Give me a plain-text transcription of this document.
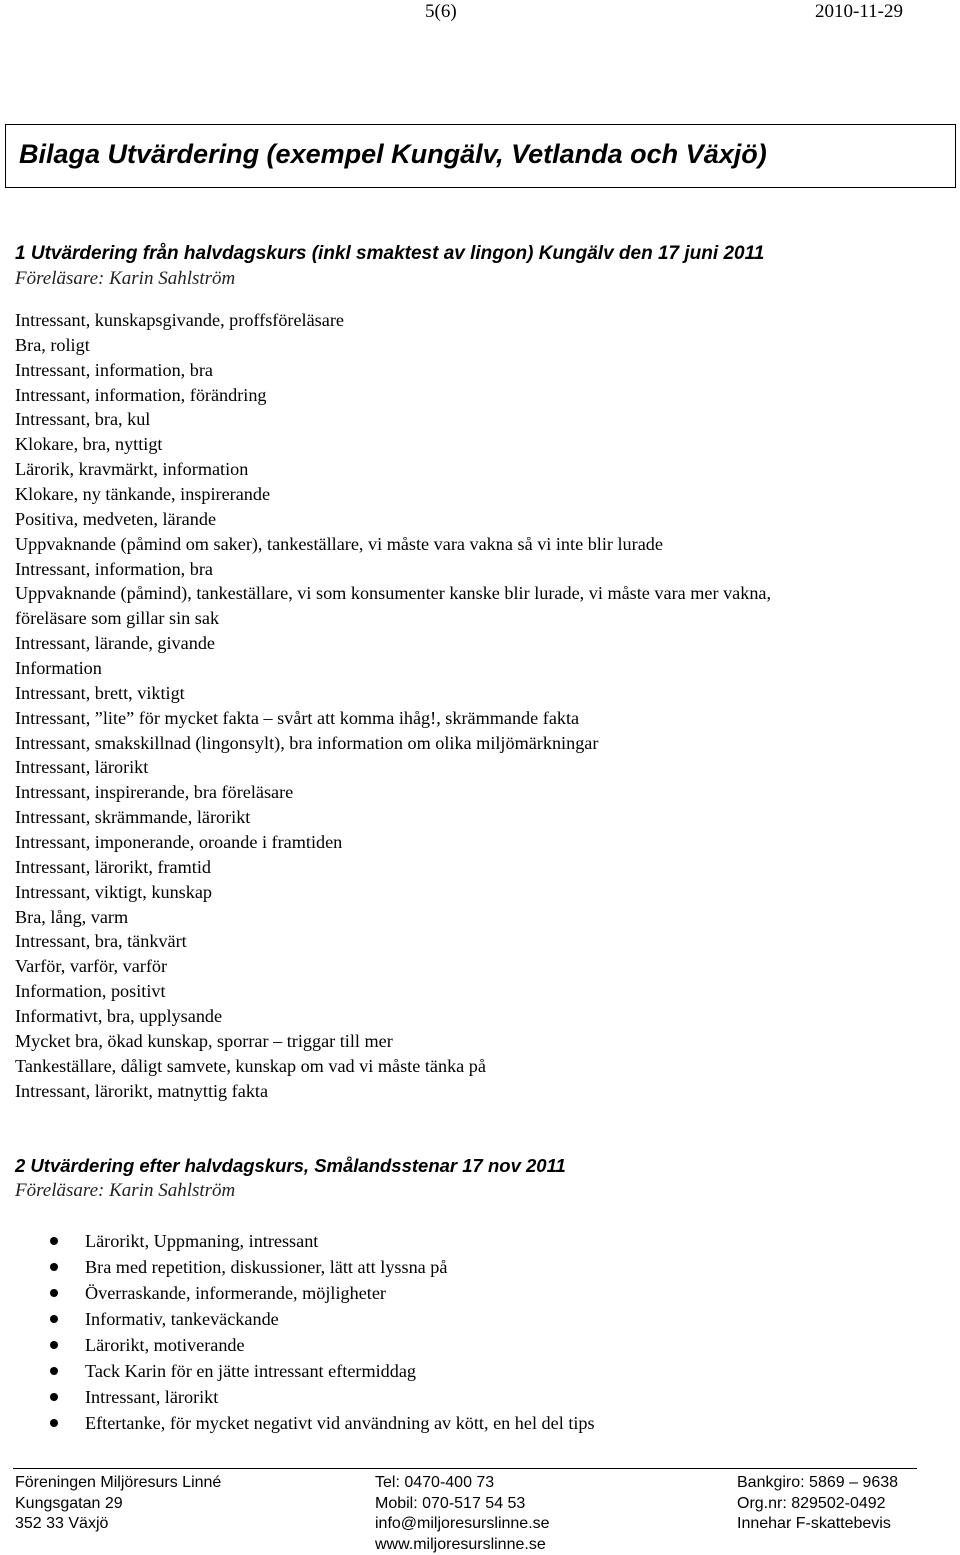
5(6)	2010-11-29
Bilaga Utvärdering (exempel Kungälv, Vetlanda och Växjö)
1 Utvärdering från halvdagskurs (inkl smaktest av lingon) Kungälv den 17 juni 2011

Föreläsare: Karin Sahlström

Intressant, kunskapsgivande, proffsföreläsare
Bra, roligt
Intressant, information, bra
Intressant, information, förändring
Intressant, bra, kul
Klokare, bra, nyttigt
Lärorik, kravmärkt, information
Klokare, ny tänkande, inspirerande
Positiva, medveten, lärande
Uppvaknande (påmind om saker), tankeställare, vi måste vara vakna så vi inte blir lurade
Intressant, information, bra
Uppvaknande (påmind), tankeställare, vi som konsumenter kanske blir lurade, vi måste vara mer vakna,
föreläsare som gillar sin sak
Intressant, lärande, givande
Information
Intressant, brett, viktigt
Intressant, ”lite” för mycket fakta – svårt att komma ihåg!, skrämmande fakta
Intressant, smakskillnad (lingonsylt), bra information om olika miljömärkningar
Intressant, lärorikt
Intressant, inspirerande, bra föreläsare
Intressant, skrämmande, lärorikt
Intressant, imponerande, oroande i framtiden
Intressant, lärorikt, framtid
Intressant, viktigt, kunskap
Bra, lång, varm
Intressant, bra, tänkvärt
Varför, varför, varför
Information, positivt
Informativt, bra, upplysande
Mycket bra, ökad kunskap, sporrar – triggar till mer
Tankeställare, dåligt samvete, kunskap om vad vi måste tänka på
Intressant, lärorikt, matnyttig fakta
2 Utvärdering efter halvdagskurs, Smålandsstenar 17 nov 2011

Föreläsare: Karin Sahlström

Lärorikt, Uppmaning, intressant
Bra med repetition, diskussioner, lätt att lyssna på
Överraskande, informerande, möjligheter
Informativ, tankeväckande
Lärorikt, motiverande
Tack Karin för en jätte intressant eftermiddag
Intressant, lärorikt
Eftertanke, för mycket negativt vid användning av kött, en hel del tips
Föreningen Miljöresurs Linné
Kungsgatan 29
352 33 Växjö
Tel: 0470-400 73
Mobil: 070-517 54 53
info@miljoresurslinne.se
www.miljoresurslinne.se
Bankgiro: 5869 – 9638
Org.nr: 829502-0492
Innehar F-skattebevis
